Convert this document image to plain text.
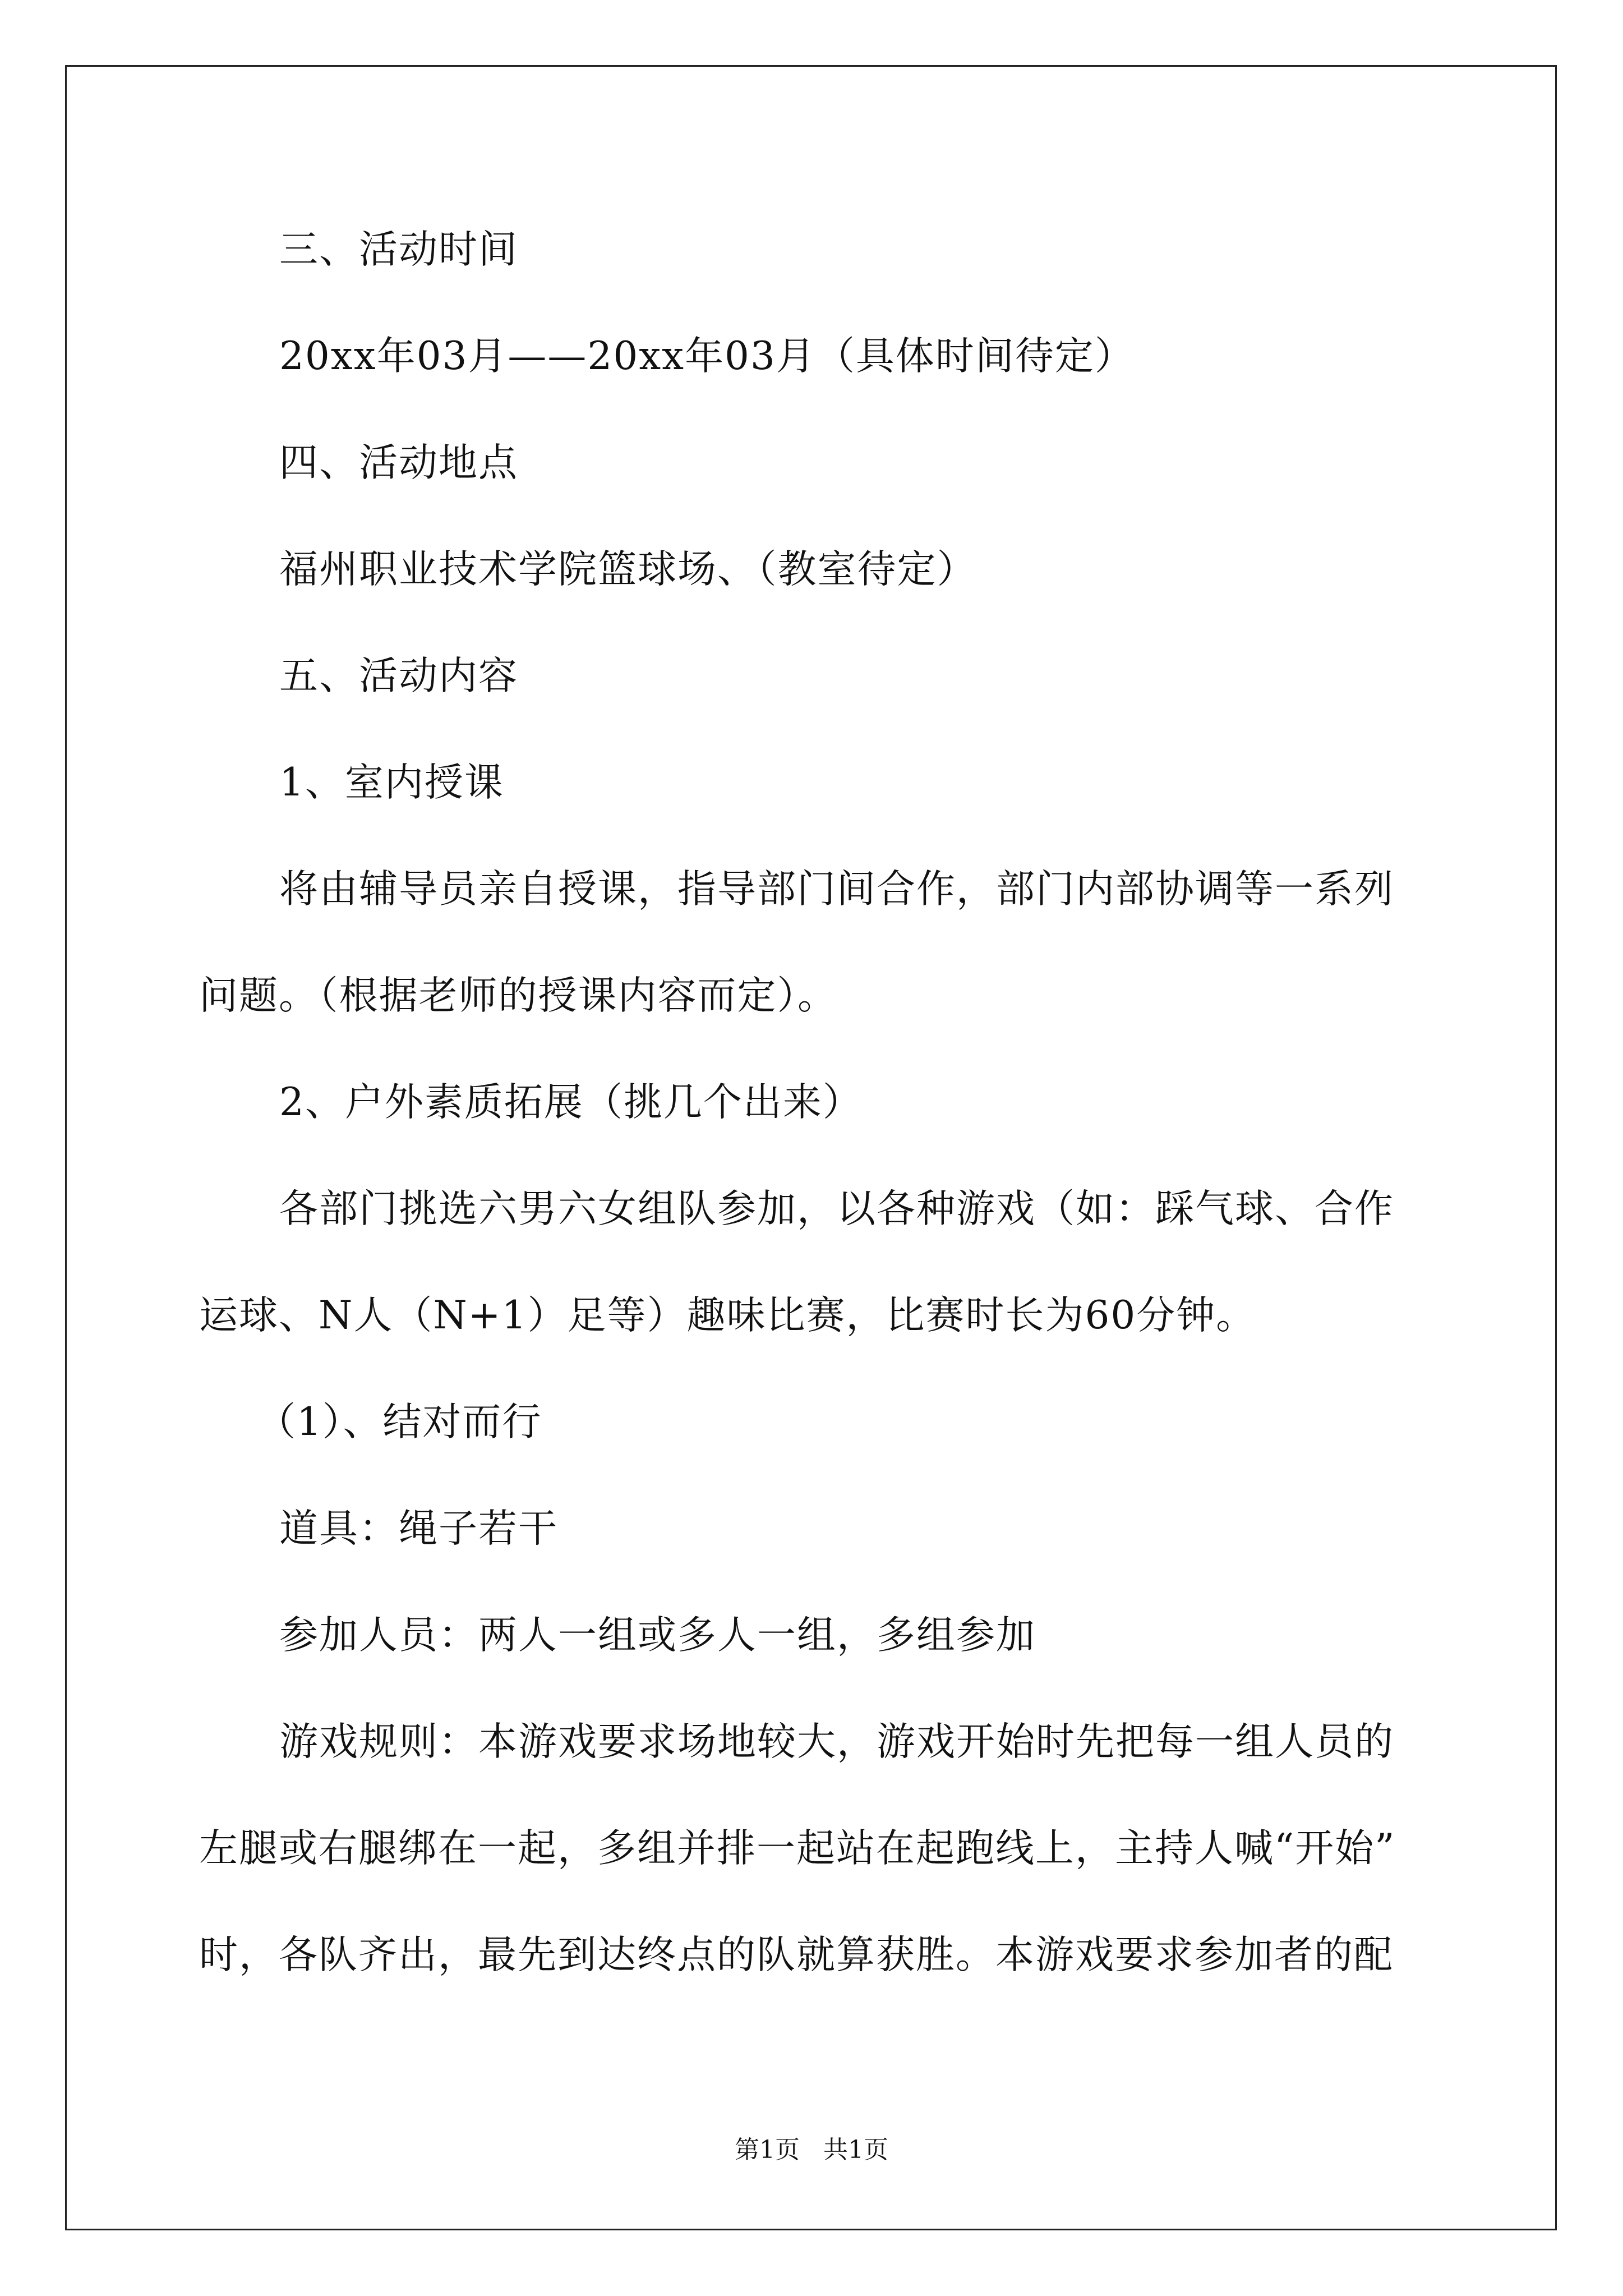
三、活动时间

20xx年03月——20xx年03月（具体时间待定）

四、活动地点

福州职业技术学院篮球场、（教室待定）

五、活动内容

1、室内授课

将由辅导员亲自授课，指导部门间合作，部门内部协调等一系列

问题。（根据老师的授课内容而定）。

2、户外素质拓展（挑几个出来）

各部门挑选六男六女组队参加，以各种游戏（如：踩气球、合作

运球、N人（N+1）足等）趣味比赛，比赛时长为60分钟。

（1）、结对而行

道具：绳子若干

参加人员：两人一组或多人一组，多组参加

游戏规则：本游戏要求场地较大，游戏开始时先把每一组人员的

左腿或右腿绑在一起，多组并排一起站在起跑线上，主持人喊“开始”

时，各队齐出，最先到达终点的队就算获胜。本游戏要求参加者的配

第1页   共1页
